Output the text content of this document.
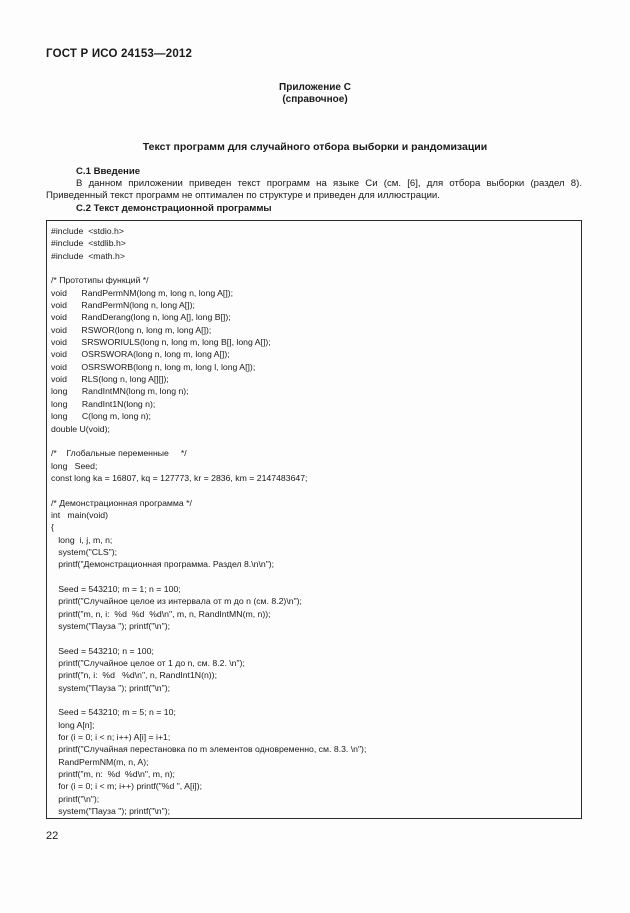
ГОСТ Р ИСО 24153—2012
Приложение С
(справочное)
Текст программ для случайного отбора выборки и рандомизации
С.1 Введение
В данном приложении приведен текст программ на языке Си (см. [6], для отбора выборки (раздел 8). Приведенный текст программ не оптимален по структуре и приведен для иллюстрации.
С.2 Текст демонстрационной программы
#include  <stdio.h>
#include  <stdlib.h>
#include  <math.h>
/* Прототипы функций */
void      RandPermNM(long m, long n, long A[]);
void      RandPermN(long n, long A[]);
void      RandDerang(long n, long A[], long B[]);
void      RSWOR(long n, long m, long A[]);
void      SRSWORIULS(long n, long m, long B[], long A[]);
void      OSRSWORA(long n, long m, long A[]);
void      OSRSWORB(long n, long m, long l, long A[]);
void      RLS(long n, long A[][]);
long      RandIntMN(long m, long n);
long      RandInt1N(long n);
long      C(long m, long n);
double U(void);
/*    Глобальные переменные     */
long   Seed;
const long ka = 16807, kq = 127773, kr = 2836, km = 2147483647;
/* Демонстрационная программа */
int   main(void)
{
long  i, j, m, n;
system("CLS");
printf("Демонстрационная программа. Раздел 8.\n\n");
Seed = 543210; m = 1; n = 100;
printf("Случайное целое из интервала от m до n (см. 8.2)\n");
printf("m, n, i:  %d  %d  %d\n", m, n, RandIntMN(m, n));
system("Пауза "); printf("\n");
Seed = 543210; n = 100;
printf("Случайное целое от 1 до n, см. 8.2. \n");
printf("n, i:  %d   %d\n", n, RandInt1N(n));
system("Пауза "); printf("\n");
Seed = 543210; m = 5; n = 10;
long A[n];
for (i = 0; i < n; i++) A[i] = i+1;
printf("Случайная перестановка по m элементов одновременно, см. 8.3. \n");
RandPermNM(m, n, A);
printf("m, n:  %d  %d\n", m, n);
for (i = 0; i < m; i++) printf("%d ", A[i]);
printf("\n");
system("Пауза "); printf("\n");
22
